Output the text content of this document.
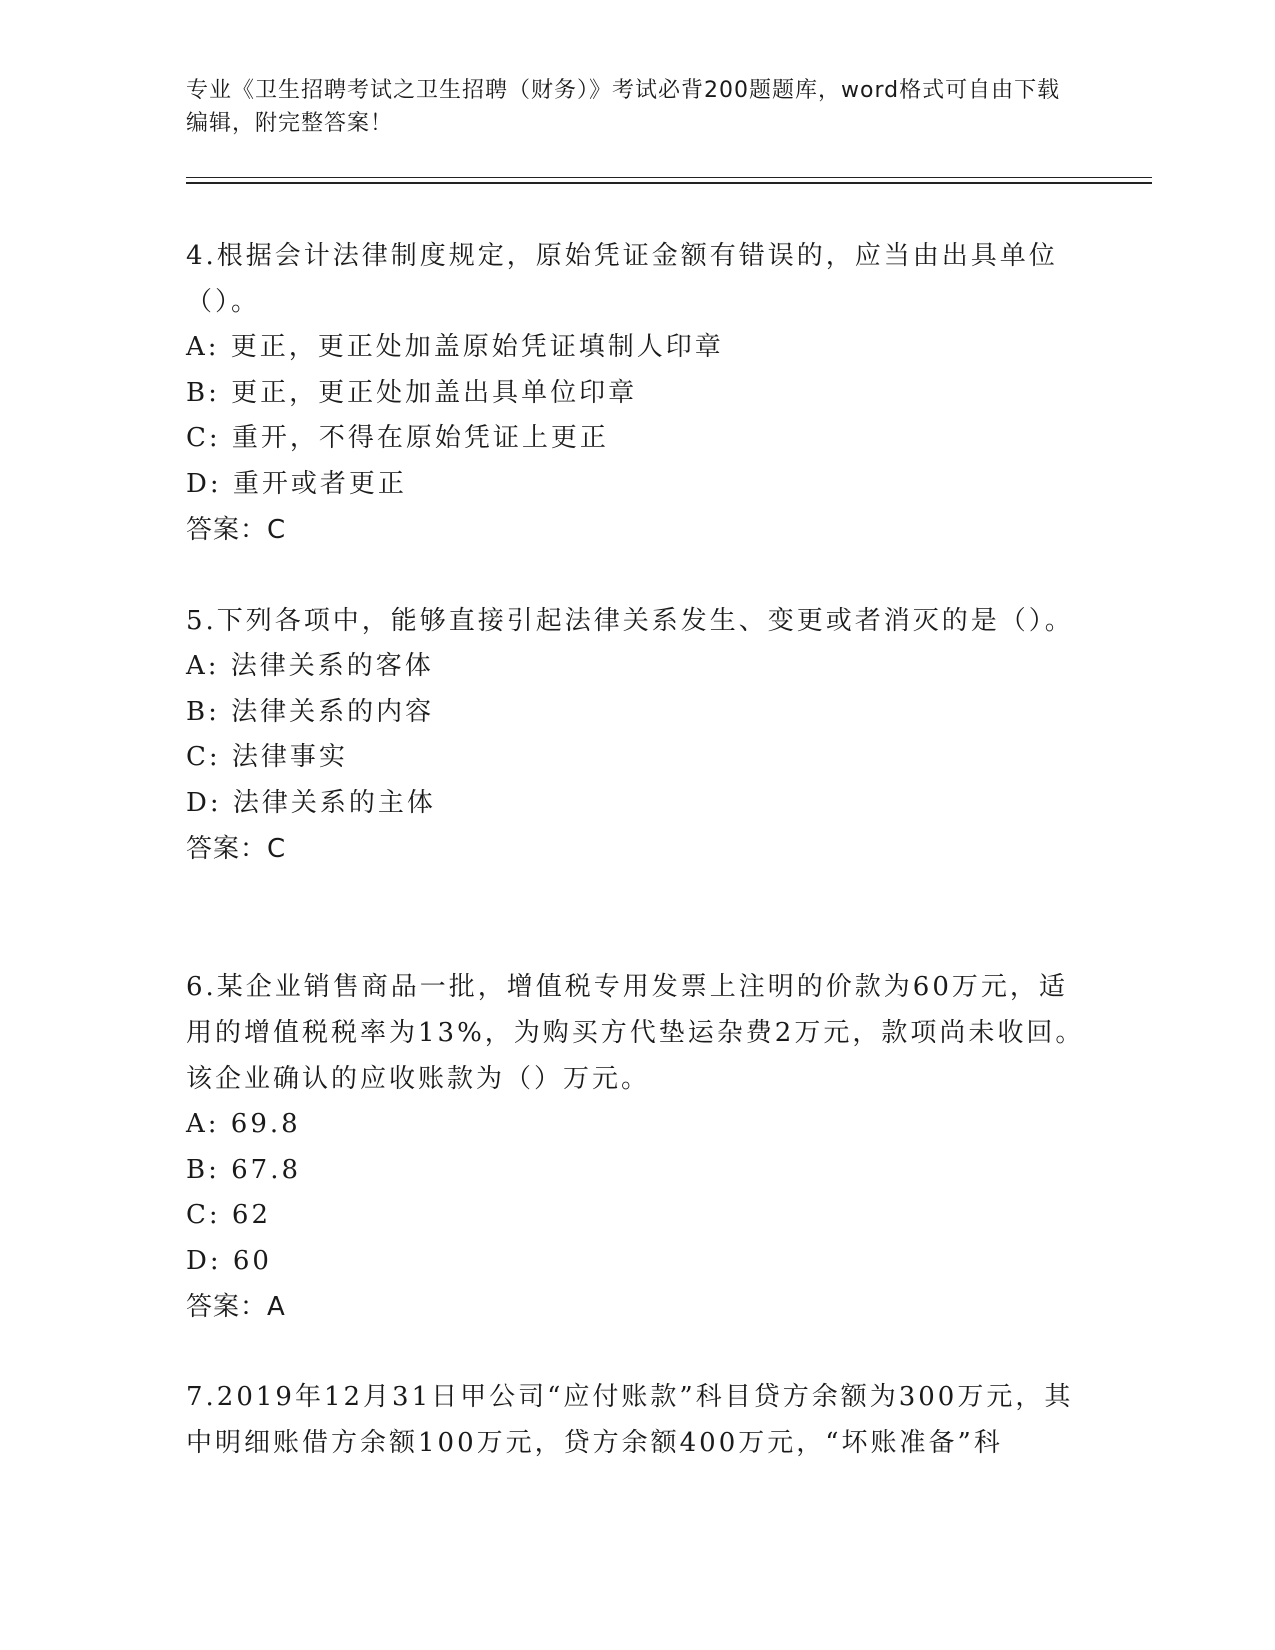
专业《卫生招聘考试之卫生招聘（财务）》考试必背200题题库，word格式可自由下载编辑，附完整答案！
4.根据会计法律制度规定，原始凭证金额有错误的，应当由出具单位（）。
A: 更正，更正处加盖原始凭证填制人印章
B: 更正，更正处加盖出具单位印章
C: 重开，不得在原始凭证上更正
D: 重开或者更正
答案：C
5.下列各项中，能够直接引起法律关系发生、变更或者消灭的是（）。
A: 法律关系的客体
B: 法律关系的内容
C: 法律事实
D: 法律关系的主体
答案：C
6.某企业销售商品一批，增值税专用发票上注明的价款为60万元，适用的增值税税率为13%，为购买方代垫运杂费2万元，款项尚未收回。该企业确认的应收账款为（）万元。
A: 69.8
B: 67.8
C: 62
D: 60
答案：A
7.2019年12月31日甲公司“应付账款”科目贷方余额为300万元，其中明细账借方余额100万元，贷方余额400万元，“坏账准备”科
